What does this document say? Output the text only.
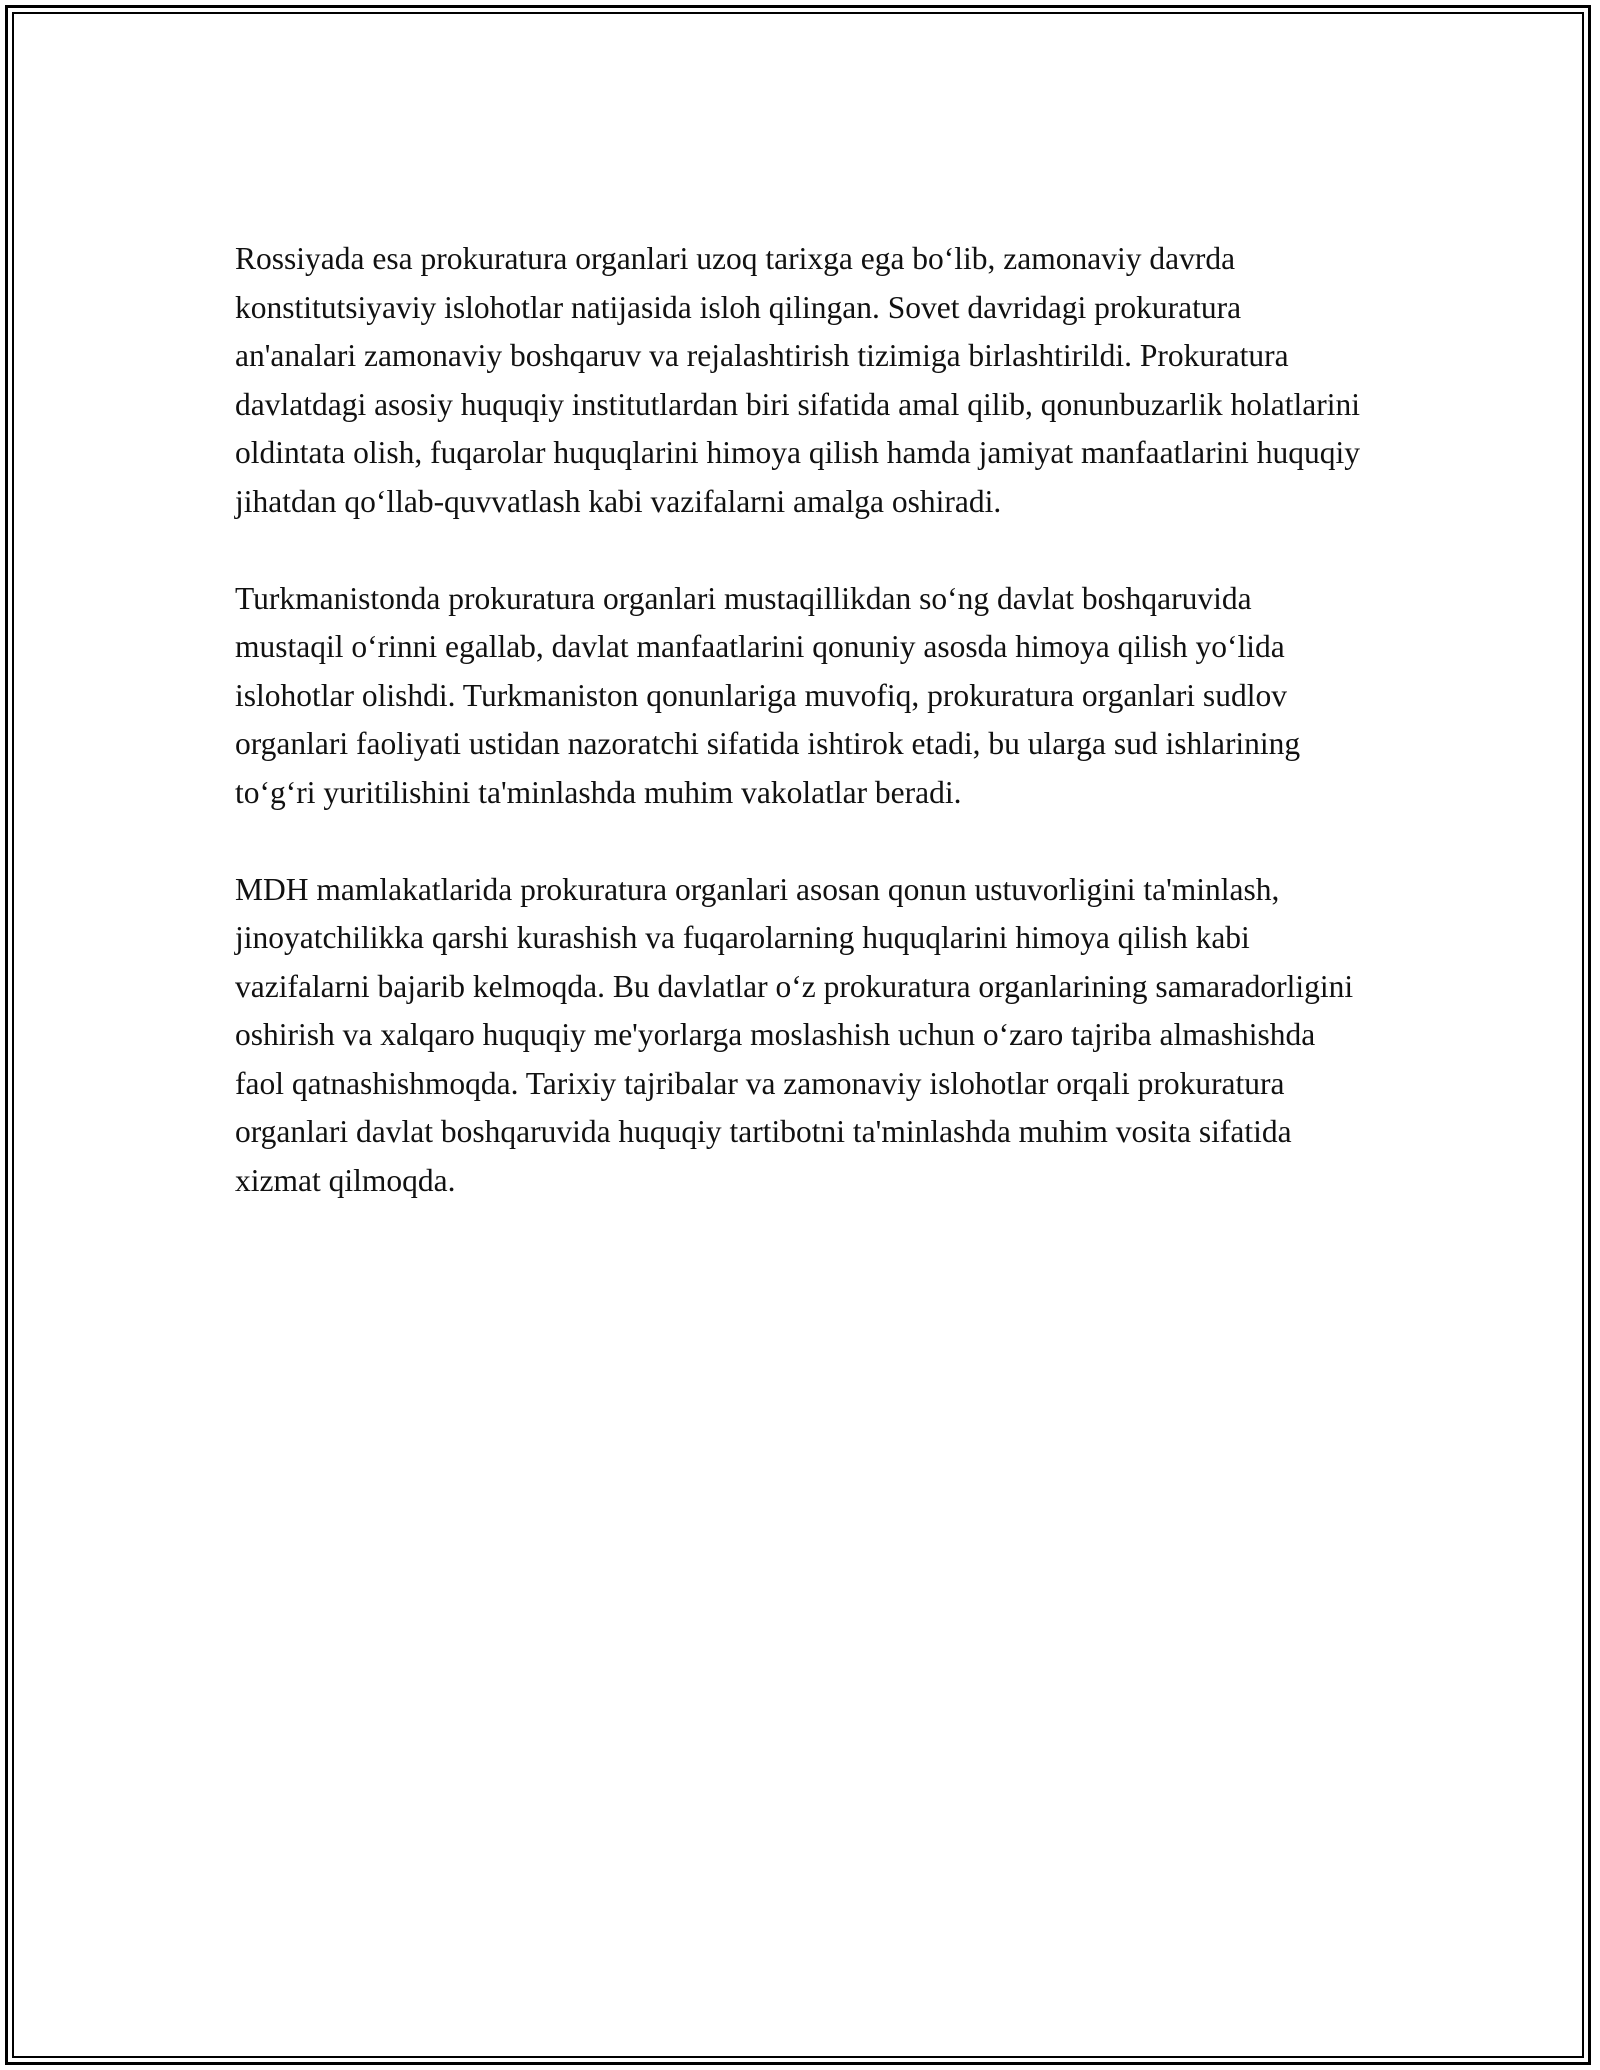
Rossiyada esa prokuratura organlari uzoq tarixga ega bo‘lib, zamonaviy davrda konstitutsiyaviy islohotlar natijasida isloh qilingan. Sovet davridagi prokuratura an'analari zamonaviy boshqaruv va rejalashtirish tizimiga birlashtirildi. Prokuratura davlatdagi asosiy huquqiy institutlardan biri sifatida amal qilib, qonunbuzarlik holatlarini oldintata olish, fuqarolar huquqlarini himoya qilish hamda jamiyat manfaatlarini huquqiy jihatdan qo‘llab-quvvatlash kabi vazifalarni amalga oshiradi.

Turkmanistonda prokuratura organlari mustaqillikdan so‘ng davlat boshqaruvida mustaqil o‘rinni egallab, davlat manfaatlarini qonuniy asosda himoya qilish yo‘lida islohotlar olishdi. Turkmaniston qonunlariga muvofiq, prokuratura organlari sudlov organlari faoliyati ustidan nazoratchi sifatida ishtirok etadi, bu ularga sud ishlarining to‘g‘ri yuritilishini ta'minlashda muhim vakolatlar beradi.

MDH mamlakatlarida prokuratura organlari asosan qonun ustuvorligini ta'minlash, jinoyatchilikka qarshi kurashish va fuqarolarning huquqlarini himoya qilish kabi vazifalarni bajarib kelmoqda. Bu davlatlar o‘z prokuratura organlarining samaradorligini oshirish va xalqaro huquqiy me'yorlarga moslashish uchun o‘zaro tajriba almashishda faol qatnashishmoqda. Tarixiy tajribalar va zamonaviy islohotlar orqali prokuratura organlari davlat boshqaruvida huquqiy tartibotni ta'minlashda muhim vosita sifatida xizmat qilmoqda.
